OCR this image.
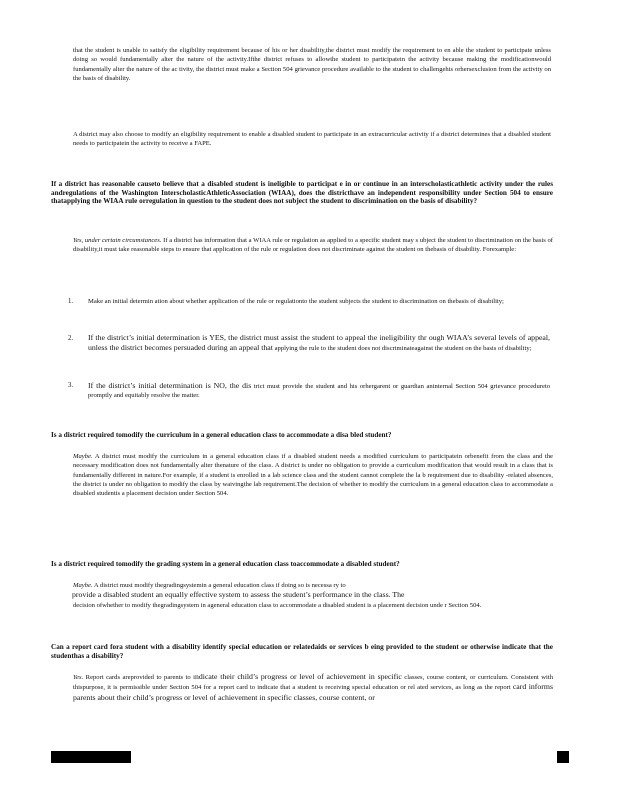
that the student is unable to satisfy the eligibility requirement because of his or her disability,the district must modify the requirement to en able the student to participate unless doing so would fundamentally alter the nature of the activity.Ifthe district refuses to allowthe student to participatein the activity because making the modificationwould fundamentally alter the nature of the ac tivity, the district must make a Section 504 grievance procedure available to the student to challengehis orhersexclusion from the activity on the basis of disability.

A district may also choose to modify an eligibility requirement to enable a disabled student to participate in an extracurricular activity if a district determines that a disabled student needs to participatein the activity to receive a FAPE.

If a district has reasonable causeto believe that a disabled student is ineligible to participat e in or continue in an interscholasticathletic activity under the rules andregulations of the Washington InterscholasticAthleticAssociation (WIAA), does the districthave an independent responsibility under Section 504 to ensure thatapplying the WIAA rule orregulation in question to the student does not subject the student to discrimination on the basis of disability?

Yes, under certain circumstances. If a district has information that a WIAA rule or regulation as applied to a specific student may s ubject the student to discrimination on the basis of disability,it must take reasonable steps to ensure that application of the rule or regulation does not discriminate against the student on thebasis of disability. Forexample:

1. Make an initial determin ation about whether application of the rule or regulationto the student subjects the student to discrimination on thebasis of disability;

2. If the district’s initial determination is YES, the district must assist the student to appeal the ineligibility thr ough WIAA’s several levels of appeal, unless the district becomes persuaded during an appeal that applying the rule to the student does not discriminateagainst the student on the basis of disability;

3. If the district’s initial determination is NO, the dis trict must provide the student and his orhergarent or guardian aninternal Section 504 grievance procedureto promptly and equitably resolve the matter.

Is a district required tomodify the curriculum in a general education class to accommodate a disa bled student?

Maybe. A district must modify the curriculum in a general education class if a disabled student needs a modified curriculum to participatein orbenefit from the class and the necessary modification does not fundamentally alter thenature of the class. A district is under no obligation to provide a curriculum modification that would result in a class that is fundamentally different in nature.For example, if a student is enrolled in a lab science class and the student cannot complete the la b requirement due to disability -related absences, the district is under no obligation to modify the class by waivingthe lab requirement.The decision of whether to modify the curriculum in a general education class to accommodate a disabled studentis a placement decision under Section 504.

Is a district required tomodify the grading system in a general education class toaccommodate a disabled student?

Maybe. A district must modify thegradingsystemin a general education class if doing so is necessa ry to
provide a disabled student an equally effective system to assess the student’s performance in the class. The
decision ofwhether to modify thegradingsystem in ageneral education class to accommodate a disabled student is a placement decision unde r Section 504.

Can a report card fora student with a disability identify special education or relatedaids or services b eing provided to the student or otherwise indicate that the studenthas a disability?

Yes. Report cards areprovided to parents to indicate their child’s progress or level of achievement in specific classes, course content, or curriculum. Consistent with thispurpose, it is permissible under Section 504 for a report card to indicate that a student is receiving special education or rel ated services, as long as the report card informs parents about their child’s progress or level of achievement in specific classes, course content, or
